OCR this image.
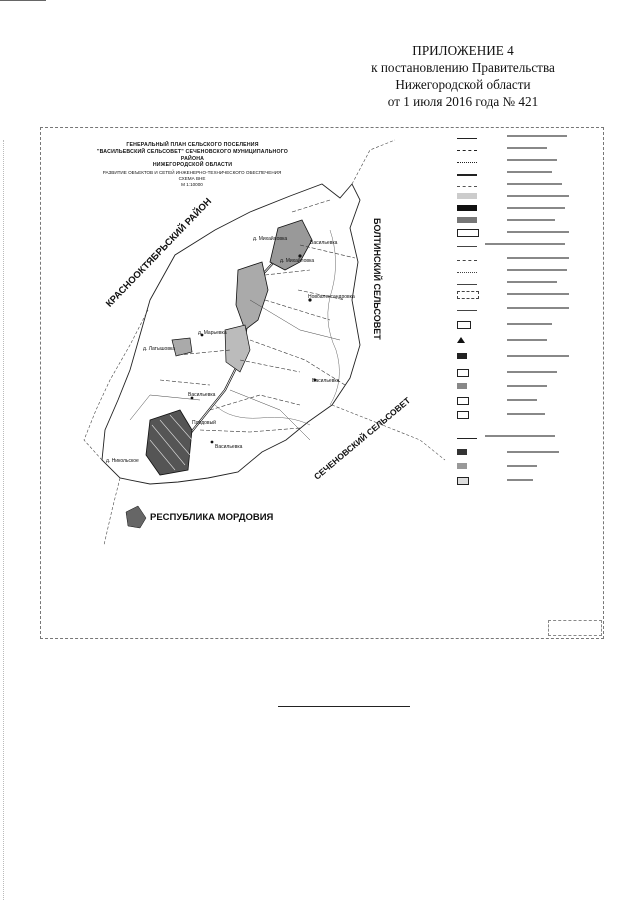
ПРИЛОЖЕНИЕ 4
к постановлению Правительства
Нижегородской области
от 1 июля 2016 года № 421
ГЕНЕРАЛЬНЫЙ ПЛАН СЕЛЬСКОГО ПОСЕЛЕНИЯ
"ВАСИЛЬЕВСКИЙ СЕЛЬСОВЕТ" СЕЧЕНОВСКОГО МУНИЦИПАЛЬНОГО РАЙОНА
НИЖЕГОРОДСКОЙ ОБЛАСТИ
РАЗВИТИЕ ОБЪЕКТОВ И СЕТЕЙ ИНЖЕНЕРНО-ТЕХНИЧЕСКОГО ОБЕСПЕЧЕНИЯ
СХЕМА ВНЕ
М 1:10000
КРАСНООКТЯБРЬСКИЙ РАЙОН	БОЛТИНСКИЙ СЕЛЬСОВЕТ
СЕЧЕНОВСКИЙ СЕЛЬСОВЕТ
РЕСПУБЛИКА МОРДОВИЯ
д. Михайловка
Васильевка
д. Михайловка
Новоалександровка
д. Марьевка
д. Латышовка
Васильевка
Васильевка
д. Никольское
Васильевка
Плодовый
